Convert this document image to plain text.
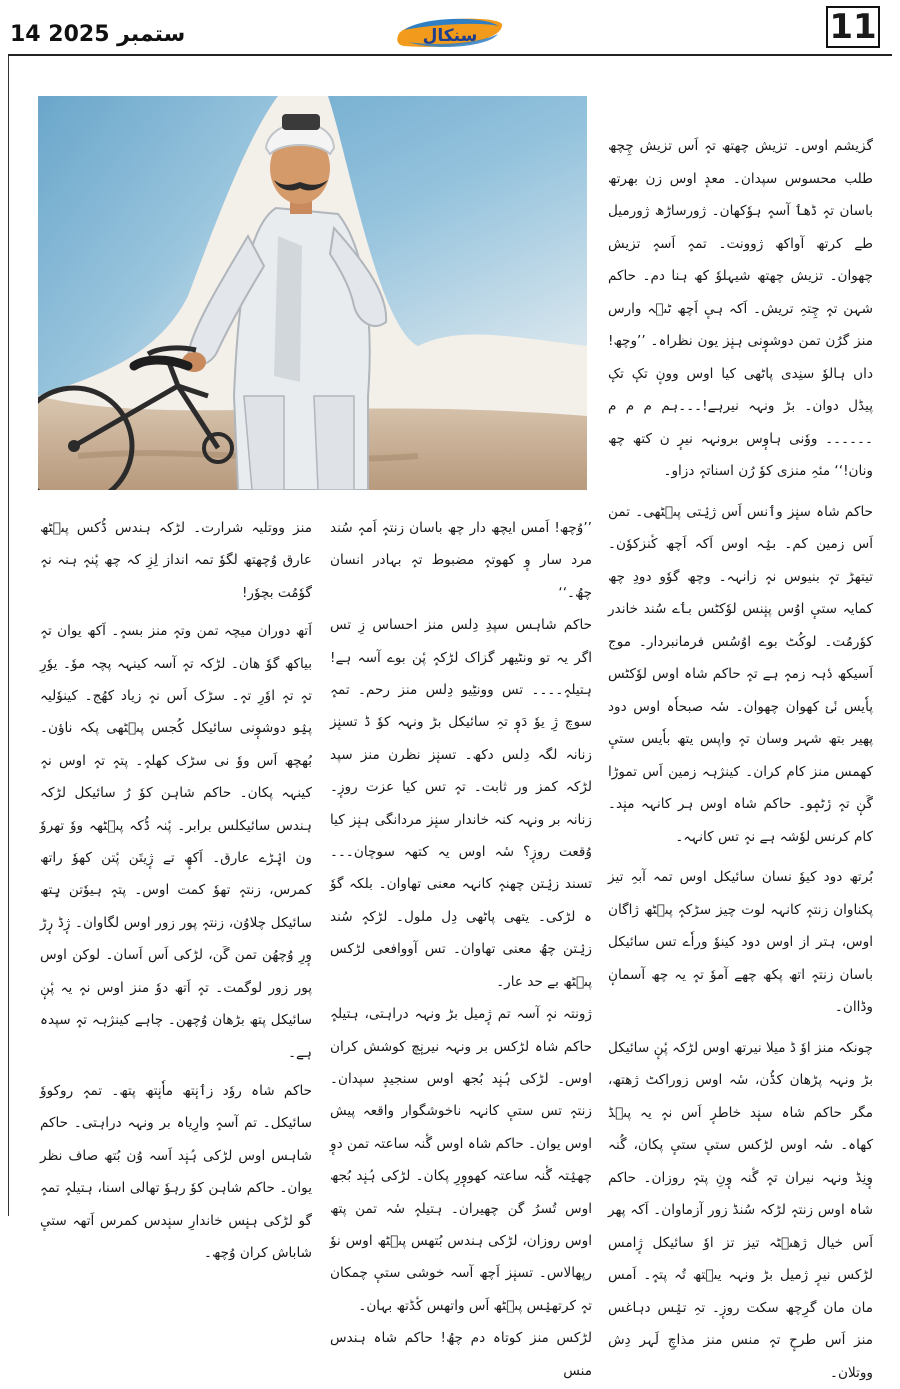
14 ستمبر 2025	سنکال	11

گزیشم اوس۔ تزیش چھتھ تہٕ اَس تزیش چِچھ طلب محسوس سپدان۔ معدٕ اوس زن بھرتھ باسان تہٕ ڈھٲ آسہٕ ہوٗکھان۔ ژورساڑھ ژورمیل طے کرتھ آواکھ ژوونت۔ تمہٕ اَسہٕ تزیش چھوان۔ تزیش چھتھ شیہلوٗ کھ ہنا دم۔ حاکم شہن تہٕ چِتہِ تریش۔ اَکہ ہیٕ اَچھ ٹٮ۪ہ وارس منز گرُن تمن دوشوٕنی ہنٕز یون نظراہ۔ ’’وچھ! داں ہالوٗ سنِدی پاٹھی کیا اوس وونٕ تکٕ تکٕ پیڈل دوان۔ بڑ ونہہ نیرہے!۔۔۔ہم م م م ۔۔۔۔۔۔ ووٗنی ہاوٕس برونہہ نیرٕ ن کتھ چھ ونان!‘‘ مئہِ منزی کوٗ رُن اسناتہٕ دزاو۔

حاکم شاہ سنٕز وٲنس اَس ژیٛتی پٮ۪ٹھی۔ تمن اَس زمین کم۔ بیٛہ اوس اَکہ اَچھ کٔنزکوٗن۔ تیتھڑ تہٕ بنیوس نہٕ زانہہ۔ وچھ گوٗو دودِ چھ کمایہ ستیٕ اوُس پنٕنس لوٗکٹس بٲے سُند خاندر کوٗرمُت۔ لوکُٹ بوے اوُسُس فرمانبردار۔ موج اَسیکھ دٔہہ زمہٕ ہے تہٕ حاکم شاہ اوس لوٗکٹس پاٗیس نٔیٛ کھوان چھوان۔ سٔہ صبحاٗہ اوس دود پھیر بتھ شہر وسان تہٕ واپس یتھ باٗیس ستیٕ کھمس منز کام کران۔ کینژہہ زمین اَس تموڑا گَنٕ تہٕ رٔٹمٕو۔ حاکم شاہ اوس ہر کانہہ منٕد۔ کام کرنس لوٗشہ ہے نہٕ تس کانہہ۔

بُرتھ دود کیوٗ نسان سائیکل اوس تمہ آبہِ تیز پکناوان زنتہٕ کانہہ لوت چیز سڑکہٕ پٮ۪ٹھ ژاگان اوس، ہتر از اوس دود کینوٗ وراٗے تس سائیکل باسان زنتہٕ اتھ پکھ چھے آموٗ تہٕ یہ چھ آسمانٕ وڈاان۔

چونکہ منز اوٗ ڈ میلا نیرتھ اوس لڑکہ پٔنٕ سائیکل بڑ ونہہ پڑھان کڈُن، سٔہ اوس زوراکٹ ژھتھ، مگر حاکم شاہ سنٕد خاطرٕ اَس نہٕ یہ پٮ۪ڈ کھاہ۔ سٔہ اوس لڑکس ستیٕ ستیٕ پکان، گُنہ وٕنِڈ ونہہ نیران تہٕ گٔنہ وٕنِ پتہٕ روزان۔ حاکم شاہ اوس زنتہٕ لڑکہ سُنڈ زور آزماوان۔ اَکہ پھر اَس خیال ژھٮ۪ٹہ تیز تز اوٗ سائیکل ژٕامس لڑکس نیرٕ ژمیل بڑ ونہہ یٮ۪تھ تُہ پتہٕ۔ اَمس مان مان گرِچھ سکت روزٕ۔ تہِ تیٛس دہاغس منز اَس طرحٕ تہٕ منس منز مذاچِ لَہر دِش ووتلان۔

’’وُچھ! اَمس ایچھ دار چھ باسان زنتہٕ اَمہٕ سُند مرد سار وٕ کھوتہٕ مضبوط تہٕ بہادر انسان چھُ۔‘‘

حاکم شاہس سپدِ دِلس منز احساس زِ تس اگر یہ تو ونٹیھر گزاک لڑکہٕ پٔن بوے آسہ ہے! ہتیلہٕ۔۔۔۔ تس وونٹِیو دِلس منز رحم۔ تمہٕ سوچ ژِ یوٗ دَوٕ تہِ سائیکل بڑ ونہہ کوٗ ڈ تسنٕز زنانہ لگہ دِلس دکھ۔ تسنٕز نظرن منز سپد لڑکہ کمز ور ثابت۔ تہٕ تس کیا عزت روزٕ۔ زنانہ بر ونہہ کنہ خاندار سنٕز مردانگی ہنٕز کیا وُقعت روزٕ؟ سٔہ اوس یہ کتھہ سوچان۔۔۔ تسند زیٛتن چھنہٕ کانہہ معنی تھاوان۔ بلکہ گوٗ ہ لڑکی۔ یتھی پاٹھی دِل ملول۔ لڑکہٕ سُند زیٛتن چھُ معنی تھاوان۔ تس آووافعی لڑکس پٮ۪ٹھ بے حد عار۔

ژونتہ نہٕ آسہ تم ژٕمیل بڑ ونہہ دراہتی، ہتیلہٕ حاکم شاہ لڑکس بر ونہہ نیرنٕچ کوشش کران اوس۔ لڑکی ہُنٕد بُجھ اوس سنجیدٕ سپدان۔ زنتہٕ تس ستیٕ کانہہ ناخوشگوار واقعہ پیش اوس یوان۔ حاکم شاہ اوس گٔنہ ساعتہ تمن دوٕ چھیٛتہ گٔنہ ساعتہ کھووٕرِ پکان۔ لڑکی ہُنٕد بُجھ اوس تُسرُ گن چھیران۔ ہتیلہٕ سٔہ تمن پتھ اوس روزان، لڑکی ہندس بُتھس پٮ۪ٹھ اوس نوٗ رپھالاس۔ تسنٕز اَچھ آسہ خوشی ستیٕ چمکان تہٕ کرتھیٛس پٮ۪ٹھ اَس واتھس کٔڈتھ بہان۔

لڑکس منز کوتاہ دم چھُ! حاکم شاہ ہندس منس

منز ووتلیہ شرارت۔ لڑکہ ہندس ڈُکس پٮ۪ٹھ عارق وُچھتھ لگوٗ تمہ انداز لِزِ کہ چھ پٔنہٕ ہنہ نہٕ گوٗمُت بچوٗر!

اَتھ دوران میچہ تمن وتہٕ منز بسہٕ۔ اَکھ یوان تہٕ بیاکھ گوٗ ھان۔ لڑکہ تہٕ آسہ کینہہ پچہ موٗ۔ یوٗرِ تہٕ تہٕ اوٗرِ تہٕ۔ سڑک اَس نہٕ زیاد کھُج۔ کینوٗلیہ پیٛو دوشوٕنی سائیکل کُجس پٮ۪ٹھی پکہ ناؤن۔ بُھچھ اَس ووٗ نی سڑک کھلہٕ۔ پتہٕ تہٕ اوس نہٕ کینہہ پکان۔ حاکم شاہن کوٗ رُ سائیکل لڑکہ ہندس سائیکلس برابر۔ پٔنہ ڈُکہ پٮ۪ٹھہ ووٗ تھروٗ ون اپٛڑے عارق۔ اَکھٕ تے ژٕیتَن پٔتن کھوٗ راتھ کمرس، زنتہٕ تھوٗ کمت اوس۔ پتہٕ ہیوٗتن ہٕتھ سائیکل چلاوُن، زنتہٕ پور زور اوس لگاوان۔ ژٕڈ رٕڑ وٕرِ وُچھُن تمن گَن، لڑکی اَس اَسان۔ لوکن اوس پور زور لوگمت۔ تہٕ اَتھ دوٗ منز اوس نہٕ یہ پٔنٕ سائیکل پتھ بڑھان وُچھن۔ چاہے کینژہہ تہٕ سپدہ ہے۔

حاکم شاہ روٗد زٲنٕتھ ماٗنٕتھ پتھ۔ تمہٕ روکووٗ سائیکل۔ تم آسہٕ وارِیاہ بر ونہہ دراہتی۔ حاکم شاہس اوس لڑکی ہُنٕد اَسہ وُن بُتھ صاف نظر یوان۔ حاکم شاہن کوٗ رہوٗ تھالی اسنا، ہتیلہٕ تمہٕ گو لڑکی ہنٕس خاندارِ سنٕدس کمرس اَتھہ ستیٕ شاباش کران وُچھ۔
